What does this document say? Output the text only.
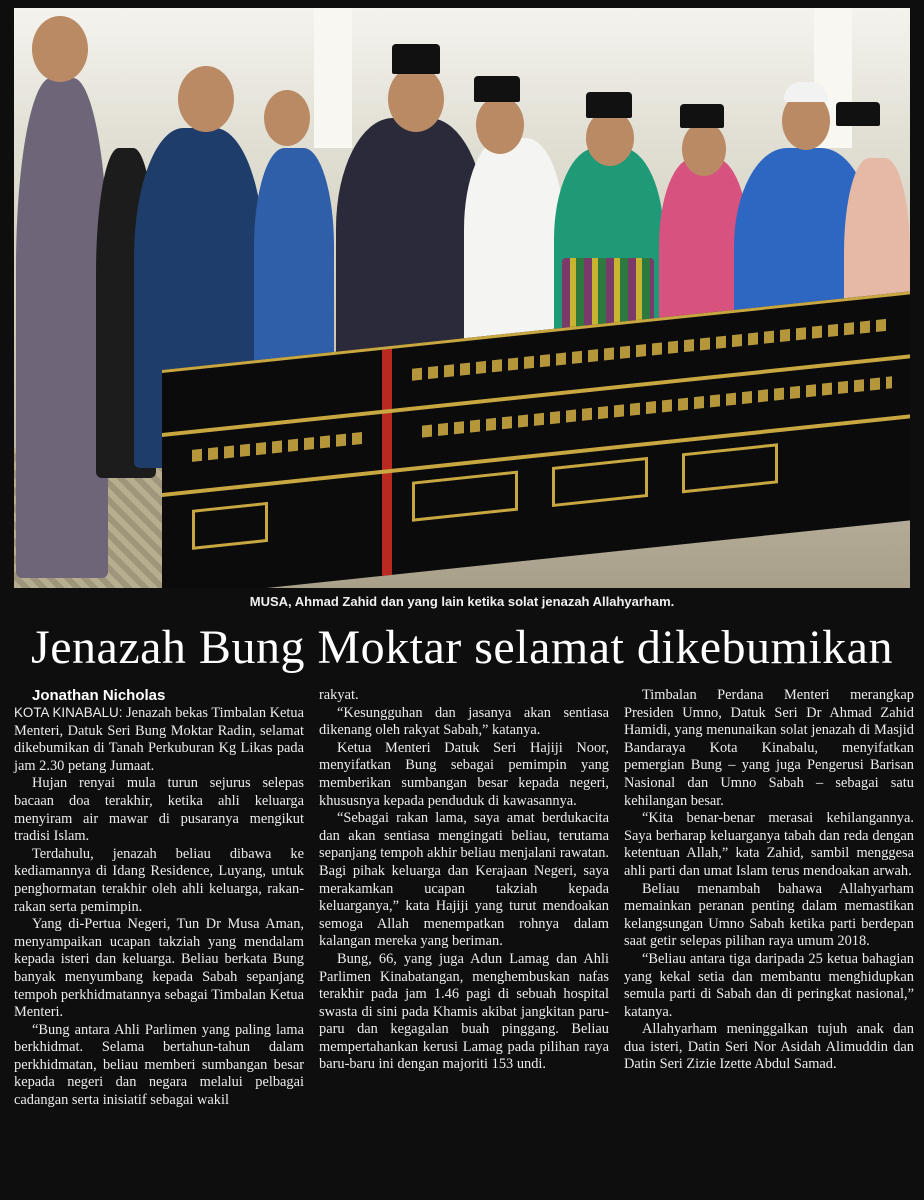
MUSA, Ahmad Zahid dan yang lain ketika solat jenazah Allahyarham.
Jenazah Bung Moktar selamat dikebumikan

Jonathan Nicholas

KOTA KINABALU: Jenazah bekas Timbalan Ketua Menteri, Datuk Seri Bung Moktar Radin, selamat dikebumikan di Tanah Perkuburan Kg Likas pada jam 2.30 petang Jumaat.

Hujan renyai mula turun sejurus selepas bacaan doa terakhir, ketika ahli keluarga menyiram air mawar di pusaranya mengikut tradisi Islam.

Terdahulu, jenazah beliau dibawa ke kediamannya di Idang Residence, Luyang, untuk penghormatan terakhir oleh ahli keluarga, rakan-rakan serta pemimpin.

Yang di-Pertua Negeri, Tun Dr Musa Aman, menyampaikan ucapan takziah yang mendalam kepada isteri dan keluarga. Beliau berkata Bung banyak menyumbang kepada Sabah sepanjang tempoh perkhidmatannya sebagai Timbalan Ketua Menteri.

“Bung antara Ahli Parlimen yang paling lama berkhidmat. Selama bertahun-tahun dalam perkhidmatan, beliau memberi sumbangan besar kepada negeri dan negara melalui pelbagai cadangan serta inisiatif sebagai wakil

rakyat.

“Kesungguhan dan jasanya akan sentiasa dikenang oleh rakyat Sabah,” katanya.

Ketua Menteri Datuk Seri Hajiji Noor, menyifatkan Bung sebagai pemimpin yang memberikan sumbangan besar kepada negeri, khususnya kepada penduduk di kawasannya.

“Sebagai rakan lama, saya amat berdukacita dan akan sentiasa mengingati beliau, terutama sepanjang tempoh akhir beliau menjalani rawatan. Bagi pihak keluarga dan Kerajaan Negeri, saya merakamkan ucapan takziah kepada keluarganya,” kata Hajiji yang turut mendoakan semoga Allah menempatkan rohnya dalam kalangan mereka yang beriman.

Bung, 66, yang juga Adun Lamag dan Ahli Parlimen Kinabatangan, menghembuskan nafas terakhir pada jam 1.46 pagi di sebuah hospital swasta di sini pada Khamis akibat jangkitan paru-paru dan kegagalan buah pinggang. Beliau mempertahankan kerusi Lamag pada pilihan raya baru-baru ini dengan majoriti 153 undi.

Timbalan Perdana Menteri merangkap Presiden Umno, Datuk Seri Dr Ahmad Zahid Hamidi, yang menunaikan solat jenazah di Masjid Bandaraya Kota Kinabalu, menyifatkan pemergian Bung – yang juga Pengerusi Barisan Nasional dan Umno Sabah – sebagai satu kehilangan besar.

“Kita benar-benar merasai kehilangannya. Saya berharap keluarganya tabah dan reda dengan ketentuan Allah,” kata Zahid, sambil menggesa ahli parti dan umat Islam terus mendoakan arwah.

Beliau menambah bahawa Allahyarham memainkan peranan penting dalam memastikan kelangsungan Umno Sabah ketika parti berdepan saat getir selepas pilihan raya umum 2018.

“Beliau antara tiga daripada 25 ketua bahagian yang kekal setia dan membantu menghidupkan semula parti di Sabah dan di peringkat nasional,” katanya.

Allahyarham meninggalkan tujuh anak dan dua isteri, Datin Seri Nor Asidah Alimuddin dan Datin Seri Zizie Izette Abdul Samad.
